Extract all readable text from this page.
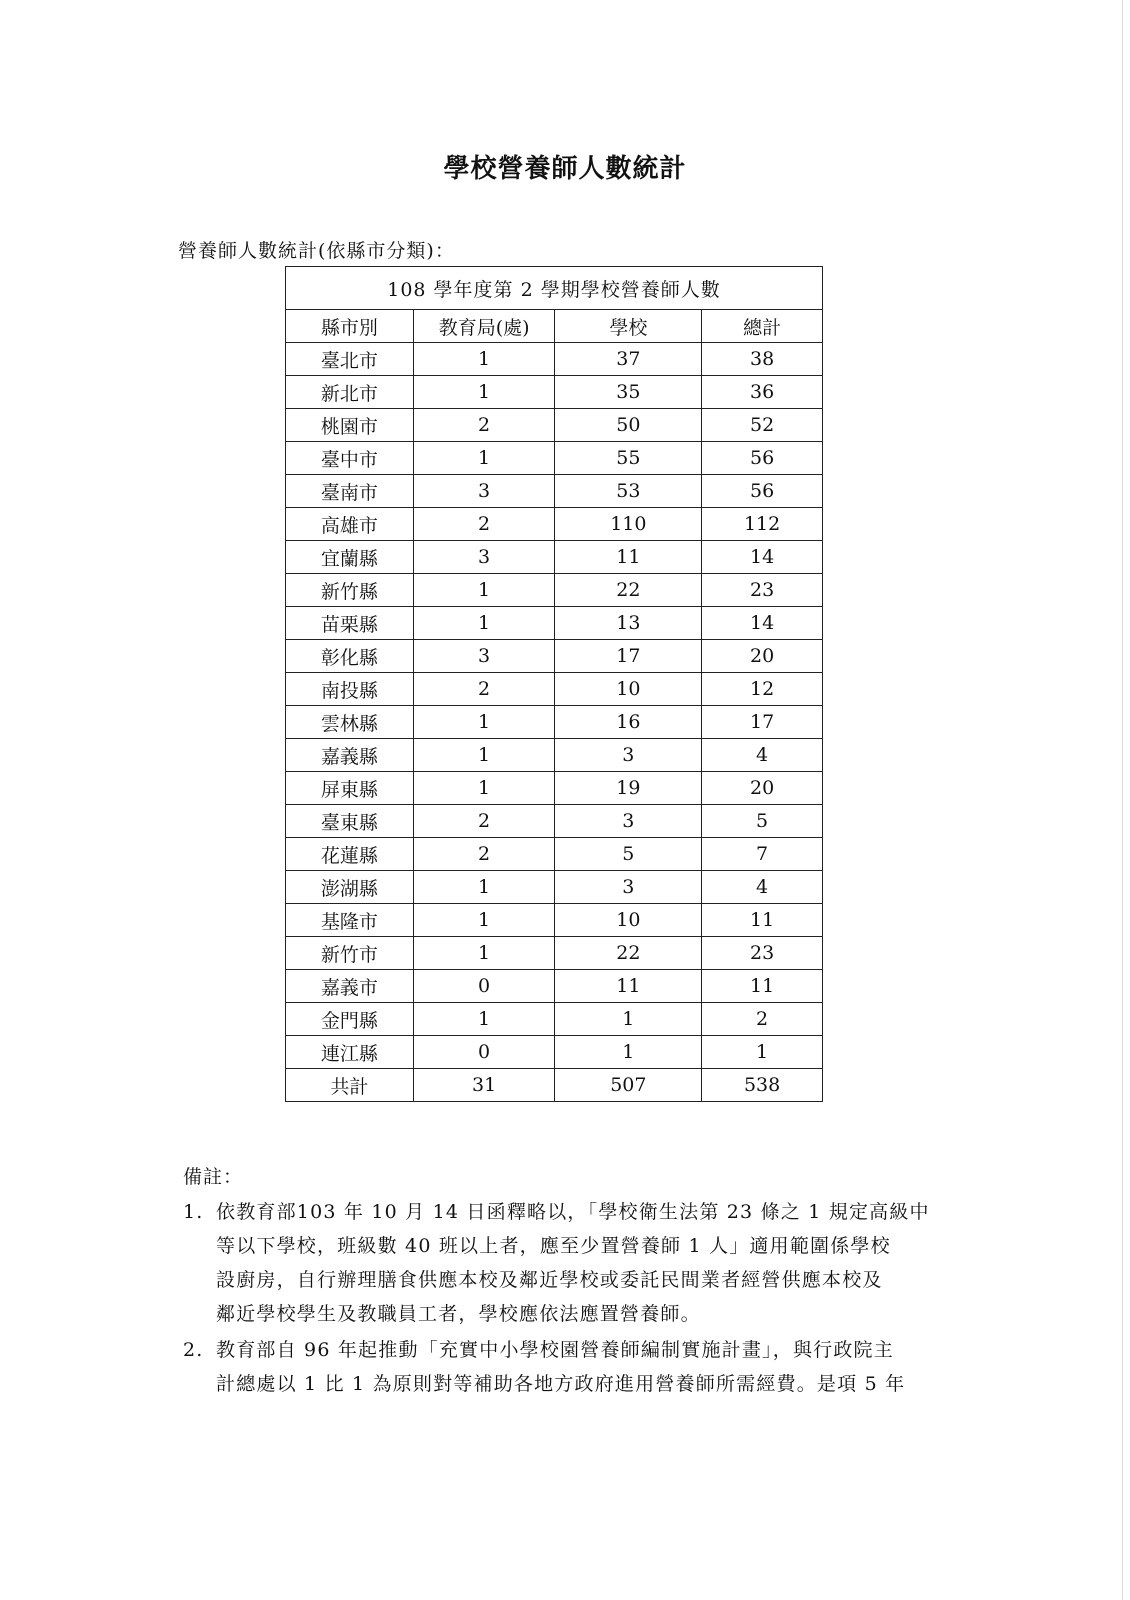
學校營養師人數統計
營養師人數統計(依縣市分類)：
108 學年度第 2 學期學校營養師人數			
縣市別	教育局(處)	學校	總計
臺北市	1	37	38
新北市	1	35	36
桃園市	2	50	52
臺中市	1	55	56
臺南市	3	53	56
高雄市	2	110	112
宜蘭縣	3	11	14
新竹縣	1	22	23
苗栗縣	1	13	14
彰化縣	3	17	20
南投縣	2	10	12
雲林縣	1	16	17
嘉義縣	1	3	4
屏東縣	1	19	20
臺東縣	2	3	5
花蓮縣	2	5	7
澎湖縣	1	3	4
基隆市	1	10	11
新竹市	1	22	23
嘉義市	0	11	11
金門縣	1	1	2
連江縣	0	1	1
共計	31	507	538
備註：
1. 依教育部103 年 10 月 14 日函釋略以，「學校衛生法第 23 條之 1 規定高級中
等以下學校，班級數 40 班以上者，應至少置營養師 1 人」適用範圍係學校
設廚房，自行辦理膳食供應本校及鄰近學校或委託民間業者經營供應本校及
鄰近學校學生及教職員工者，學校應依法應置營養師。
2. 教育部自 96 年起推動「充實中小學校園營養師編制實施計畫」，與行政院主
計總處以 1 比 1 為原則對等補助各地方政府進用營養師所需經費。是項 5 年
